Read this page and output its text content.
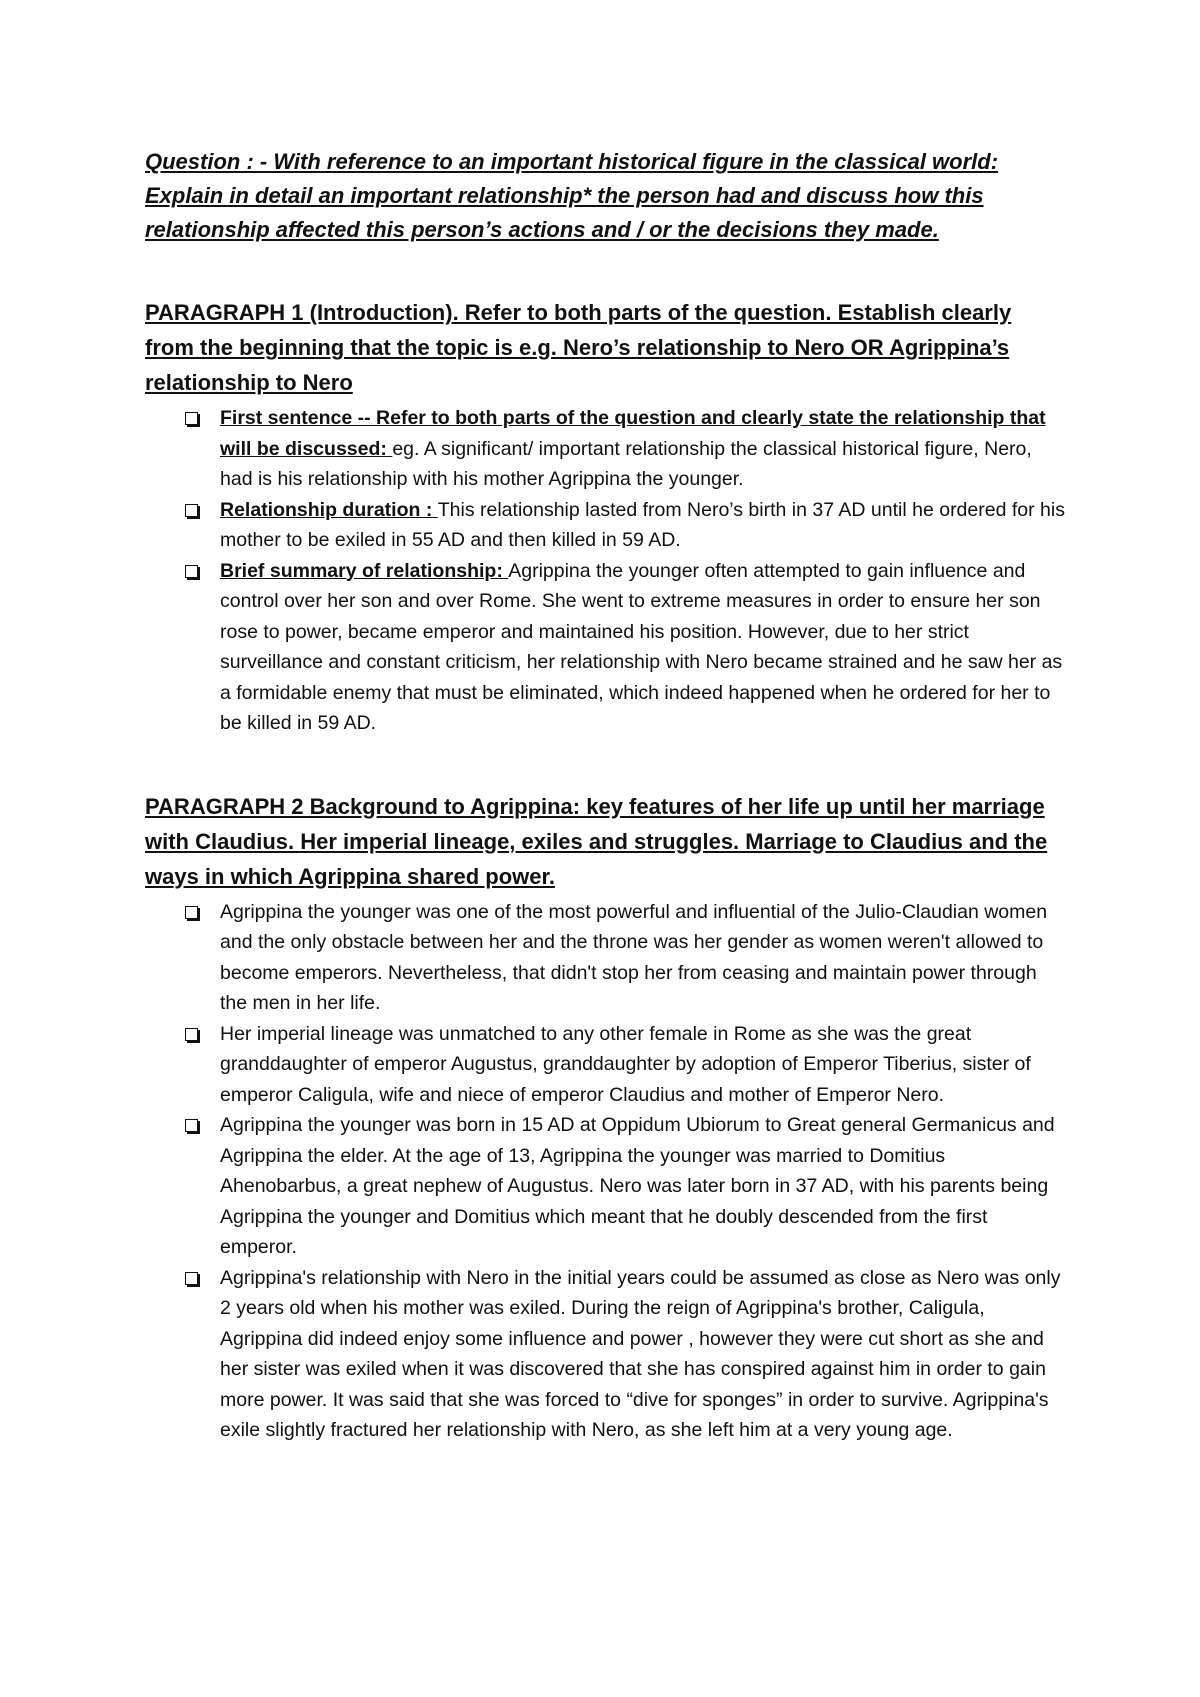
Question : - With reference to an important historical figure in the classical world: Explain in detail an important relationship* the person had and discuss how this relationship affected this person’s actions and / or the decisions they made.

PARAGRAPH 1 (Introduction). Refer to both parts of the question. Establish clearly from the beginning that the topic is e.g. Nero’s relationship to Nero OR Agrippina’s relationship to Nero

First sentence -- Refer to both parts of the question and clearly state the relationship that will be discussed: eg. A significant/ important relationship the classical historical figure, Nero, had is his relationship with his mother Agrippina the younger.
Relationship duration : This relationship lasted from Nero’s birth in 37 AD until he ordered for his mother to be exiled in 55 AD and then killed in 59 AD.
Brief summary of relationship: Agrippina the younger often attempted to gain influence and control over her son and over Rome. She went to extreme measures in order to ensure her son rose to power, became emperor and maintained his position. However, due to her strict surveillance and constant criticism, her relationship with Nero became strained and he saw her as a formidable enemy that must be eliminated, which indeed happened when he ordered for her to be killed in 59 AD.

PARAGRAPH 2 Background to Agrippina: key features of her life up until her marriage with Claudius. Her imperial lineage, exiles and struggles. Marriage to Claudius and the ways in which Agrippina shared power.

Agrippina the younger was one of the most powerful and influential of the Julio-Claudian women and the only obstacle between her and the throne was her gender as women weren't allowed to become emperors. Nevertheless, that didn't stop her from ceasing and maintain power through the men in her life.
Her imperial lineage was unmatched to any other female in Rome as she was the great granddaughter of emperor Augustus, granddaughter by adoption of Emperor Tiberius, sister of emperor Caligula, wife and niece of emperor Claudius and mother of Emperor Nero.
Agrippina the younger was born in 15 AD at Oppidum Ubiorum to Great general Germanicus and Agrippina the elder. At the age of 13, Agrippina the younger was married to Domitius Ahenobarbus, a great nephew of Augustus. Nero was later born in 37 AD, with his parents being Agrippina the younger and Domitius which meant that he doubly descended from the first emperor.
Agrippina's relationship with Nero in the initial years could be assumed as close as Nero was only 2 years old when his mother was exiled. During the reign of Agrippina's brother, Caligula, Agrippina did indeed enjoy some influence and power , however they were cut short as she and her sister was exiled when it was discovered that she has conspired against him in order to gain more power. It was said that she was forced to “dive for sponges” in order to survive. Agrippina's exile slightly fractured her relationship with Nero, as she left him at a very young age.
